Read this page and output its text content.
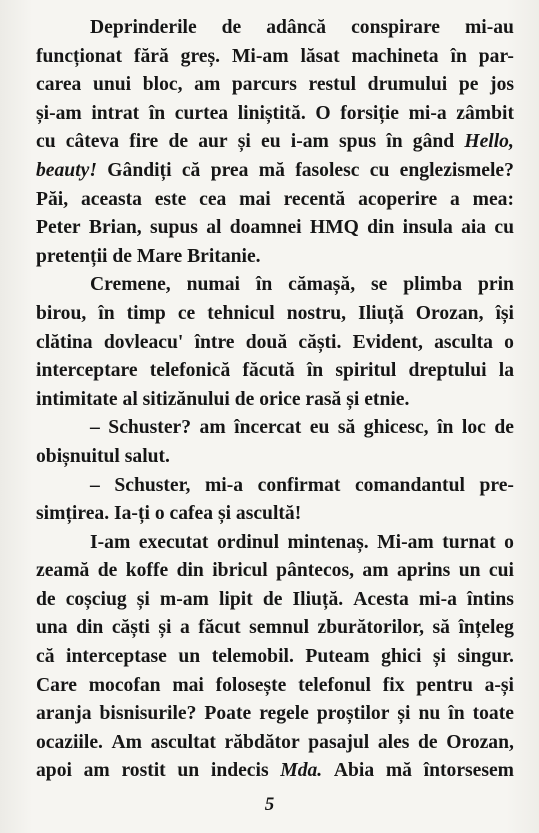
Deprinderile de adâncă conspirare mi-au
funcționat fără greș. Mi-am lăsat machineta în par-
carea unui bloc, am parcurs restul drumului pe jos
și-am intrat în curtea liniștită. O forsiție mi-a zâmbit
cu câteva fire de aur și eu i-am spus în gând Hello,
beauty! Gândiți că prea mă fasolesc cu englezismele?
Păi, aceasta este cea mai recentă acoperire a mea:
Peter Brian, supus al doamnei HMQ din insula aia cu
pretenții de Mare Britanie.
Cremene, numai în cămașă, se plimba prin
birou, în timp ce tehnicul nostru, Iliuță Orozan, își
clătina dovleacu' între două căști. Evident, asculta o
interceptare telefonică făcută în spiritul dreptului la
intimitate al sitizănului de orice rasă și etnie.
– Schuster? am încercat eu să ghicesc, în loc de
obișnuitul salut.
– Schuster, mi-a confirmat comandantul pre-
simțirea. Ia-ți o cafea și ascultă!
I-am executat ordinul mintenaș. Mi-am turnat o
zeamă de koffe din ibricul pântecos, am aprins un cui
de coșciug și m-am lipit de Iliuță. Acesta mi-a întins
una din căști și a făcut semnul zburătorilor, să înțeleg
că interceptase un telemobil. Puteam ghici și singur.
Care mocofan mai folosește telefonul fix pentru a-și
aranja bisnisurile? Poate regele proștilor și nu în toate
ocaziile. Am ascultat răbdător pasajul ales de Orozan,
apoi am rostit un indecis Mda. Abia mă întorsesem
5
